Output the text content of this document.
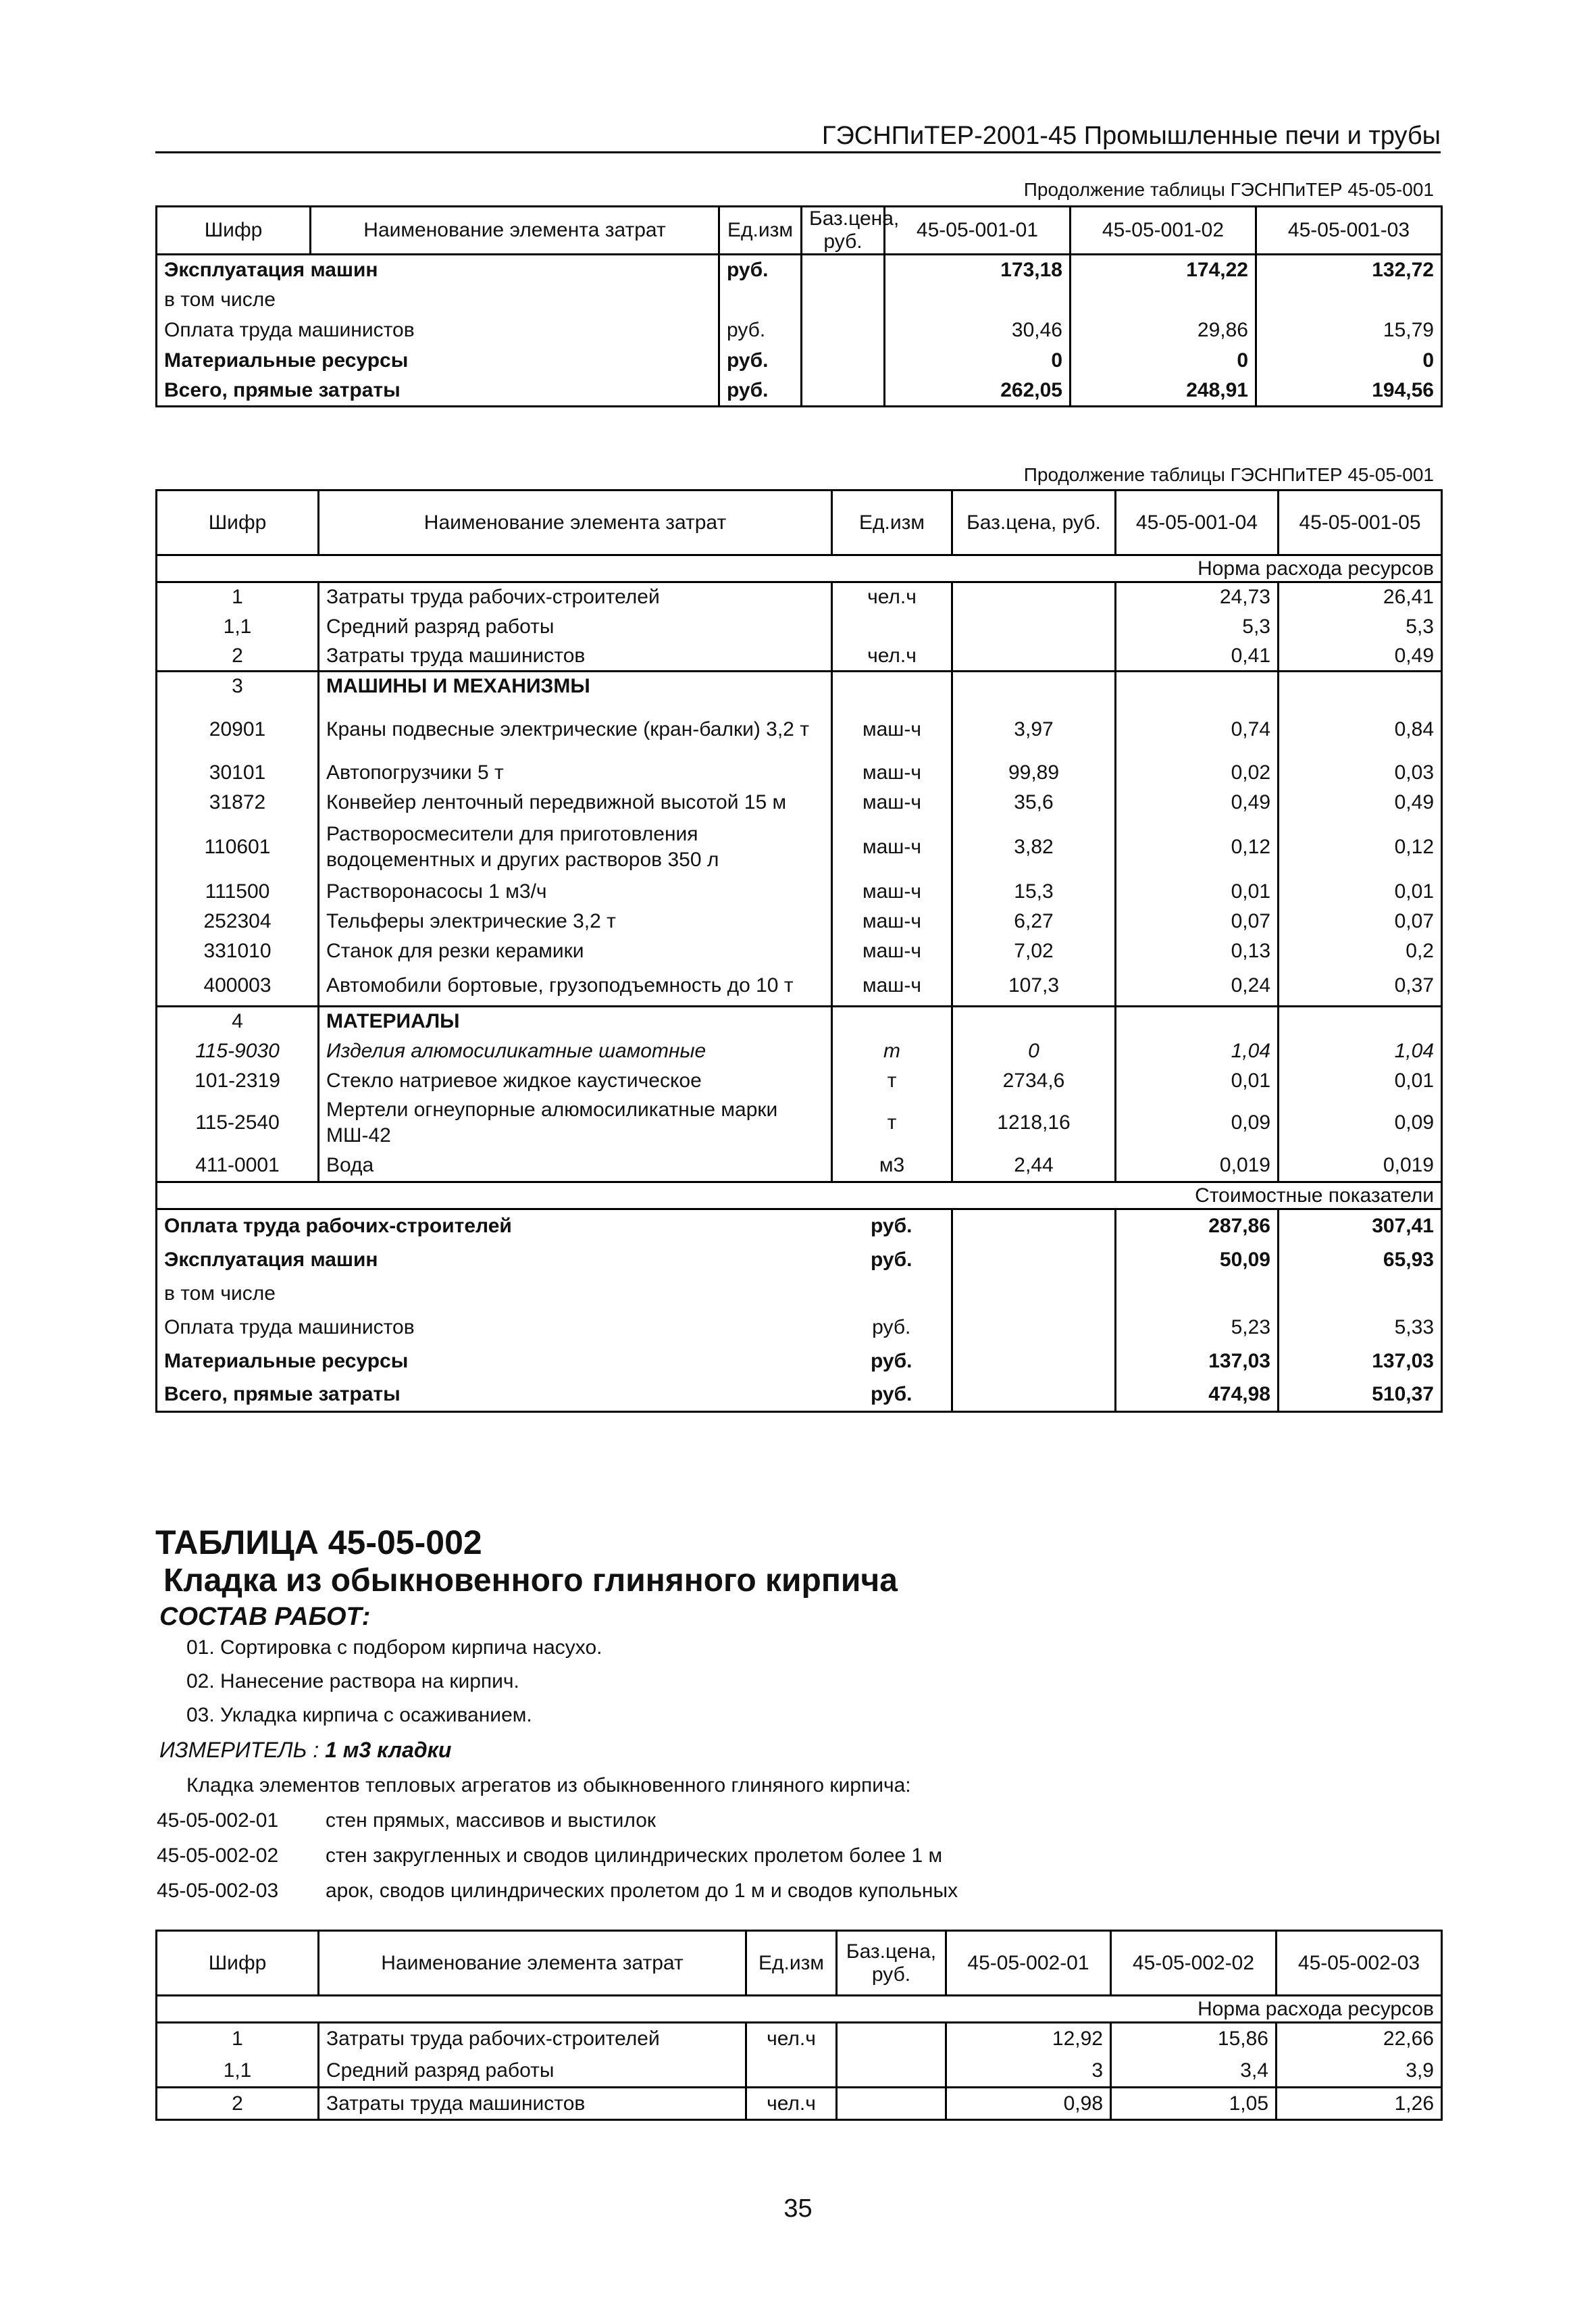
ГЭСНПиТЕР-2001-45 Промышленные печи и трубы
Продолжение таблицы ГЭСНПиТЕР 45-05-001
Шифр	Наименование элемента затрат	Ед.изм	Баз.цена, руб.	45-05-001-01	45-05-001-02	45-05-001-03
Эксплуатация машин		руб.		173,18	174,22	132,72
в том числе						
Оплата труда машинистов		руб.		30,46	29,86	15,79
Материальные ресурсы		руб.		0	0	0
Всего, прямые затраты		руб.		262,05	248,91	194,56
Продолжение таблицы ГЭСНПиТЕР 45-05-001
Шифр	Наименование элемента затрат	Ед.изм	Баз.цена, руб.	45-05-001-04	45-05-001-05
Норма расхода ресурсов					
1	Затраты труда рабочих-строителей	чел.ч		24,73	26,41
1,1	Средний разряд работы			5,3	5,3
2	Затраты труда машинистов	чел.ч		0,41	0,49
3	МАШИНЫ И МЕХАНИЗМЫ				
20901	Краны подвесные электрические (кран-балки) 3,2 т	маш-ч	3,97	0,74	0,84
30101	Автопогрузчики 5 т	маш-ч	99,89	0,02	0,03
31872	Конвейер ленточный передвижной высотой 15 м	маш-ч	35,6	0,49	0,49
110601	Растворосмесители для приготовления водоцементных и других растворов 350 л	маш-ч	3,82	0,12	0,12
111500	Растворонасосы 1 м3/ч	маш-ч	15,3	0,01	0,01
252304	Тельферы электрические 3,2 т	маш-ч	6,27	0,07	0,07
331010	Станок для резки керамики	маш-ч	7,02	0,13	0,2
400003	Автомобили бортовые, грузоподъемность до 10 т	маш-ч	107,3	0,24	0,37
4	МАТЕРИАЛЫ				
115-9030	Изделия алюмосиликатные шамотные	т	0	1,04	1,04
101-2319	Стекло натриевое жидкое каустическое	т	2734,6	0,01	0,01
115-2540	Мертели огнеупорные алюмосиликатные марки МШ-42	т	1218,16	0,09	0,09
411-0001	Вода	м3	2,44	0,019	0,019
Стоимостные показатели					
Оплата труда рабочих-строителей		руб.		287,86	307,41
Эксплуатация машин		руб.		50,09	65,93
в том числе					
Оплата труда машинистов		руб.		5,23	5,33
Материальные ресурсы		руб.		137,03	137,03
Всего, прямые затраты		руб.		474,98	510,37
ТАБЛИЦА 45-05-002
Кладка из обыкновенного глиняного кирпича
СОСТАВ РАБОТ:
01. Сортировка с подбором кирпича насухо.
02. Нанесение раствора на кирпич.
03. Укладка кирпича с осаживанием.
ИЗМЕРИТЕЛЬ : 1 м3 кладки
Кладка элементов тепловых агрегатов из обыкновенного глиняного кирпича:
45-05-002-01 стен прямых, массивов и выстилок
45-05-002-02 стен закругленных и сводов цилиндрических пролетом более 1 м
45-05-002-03 арок, сводов цилиндрических пролетом до 1 м и сводов купольных
Шифр	Наименование элемента затрат	Ед.изм	Баз.цена, руб.	45-05-002-01	45-05-002-02	45-05-002-03
Норма расхода ресурсов						
1	Затраты труда рабочих-строителей	чел.ч		12,92	15,86	22,66
1,1	Средний разряд работы			3	3,4	3,9
2	Затраты труда машинистов	чел.ч		0,98	1,05	1,26
35
